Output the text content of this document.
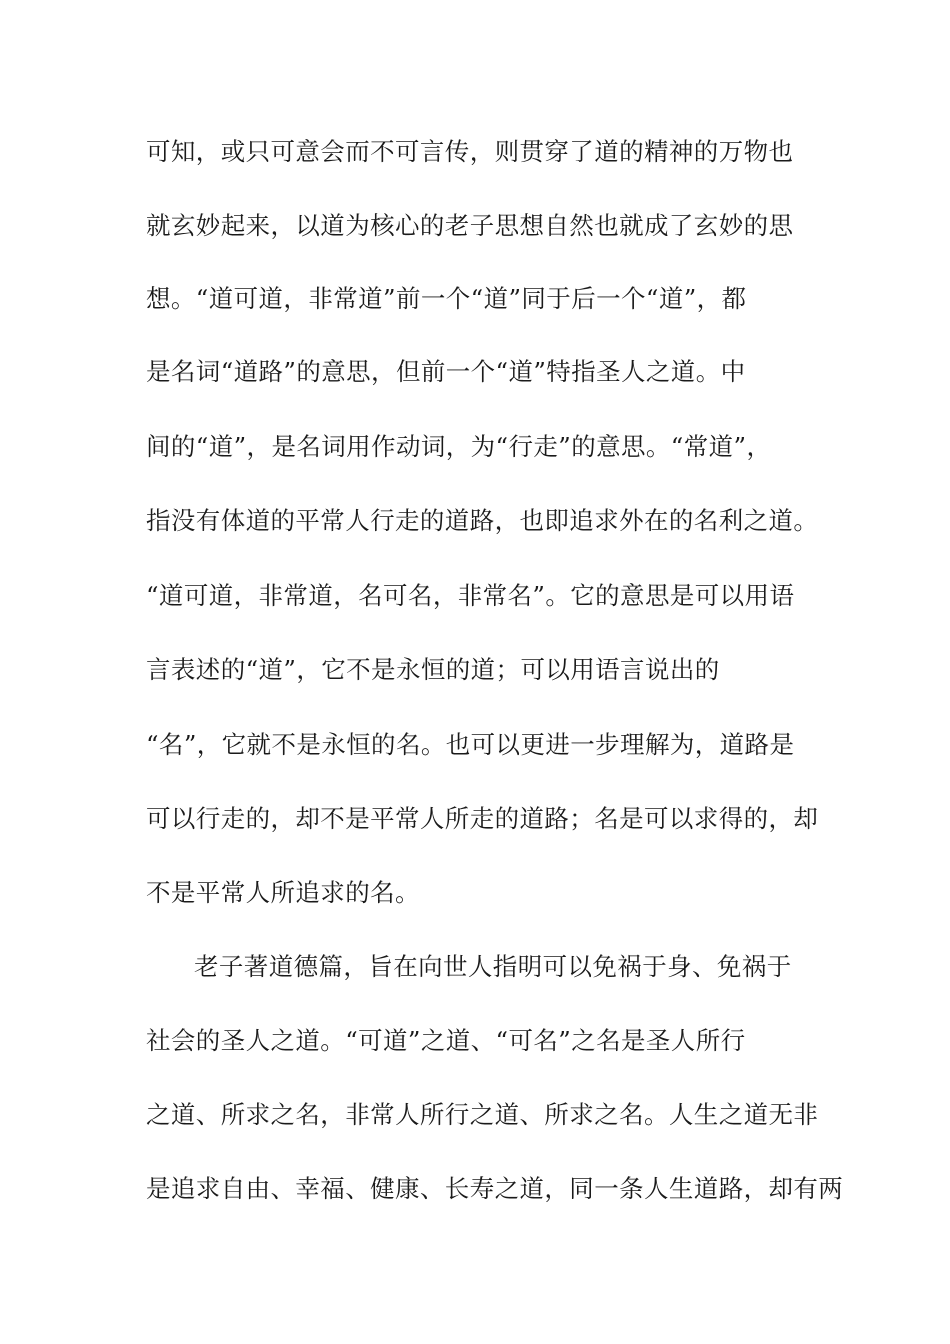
可知，或只可意会而不可言传，则贯穿了道的精神的万物也
就玄妙起来，以道为核心的老子思想自然也就成了玄妙的思
想。“道可道，非常道”前一个“道”同于后一个“道”，都
是名词“道路”的意思，但前一个“道”特指圣人之道。中
间的“道”，是名词用作动词，为“行走”的意思。“常道”，
指没有体道的平常人行走的道路，也即追求外在的名利之道。
“道可道，非常道，名可名，非常名”。它的意思是可以用语
言表述的“道”，它不是永恒的道；可以用语言说出的
“名”，它就不是永恒的名。也可以更进一步理解为，道路是
可以行走的，却不是平常人所走的道路；名是可以求得的，却
不是平常人所追求的名。
老子著道德篇，旨在向世人指明可以免祸于身、免祸于
社会的圣人之道。“可道”之道、“可名”之名是圣人所行
之道、所求之名，非常人所行之道、所求之名。人生之道无非
是追求自由、幸福、健康、长寿之道，同一条人生道路，却有两
